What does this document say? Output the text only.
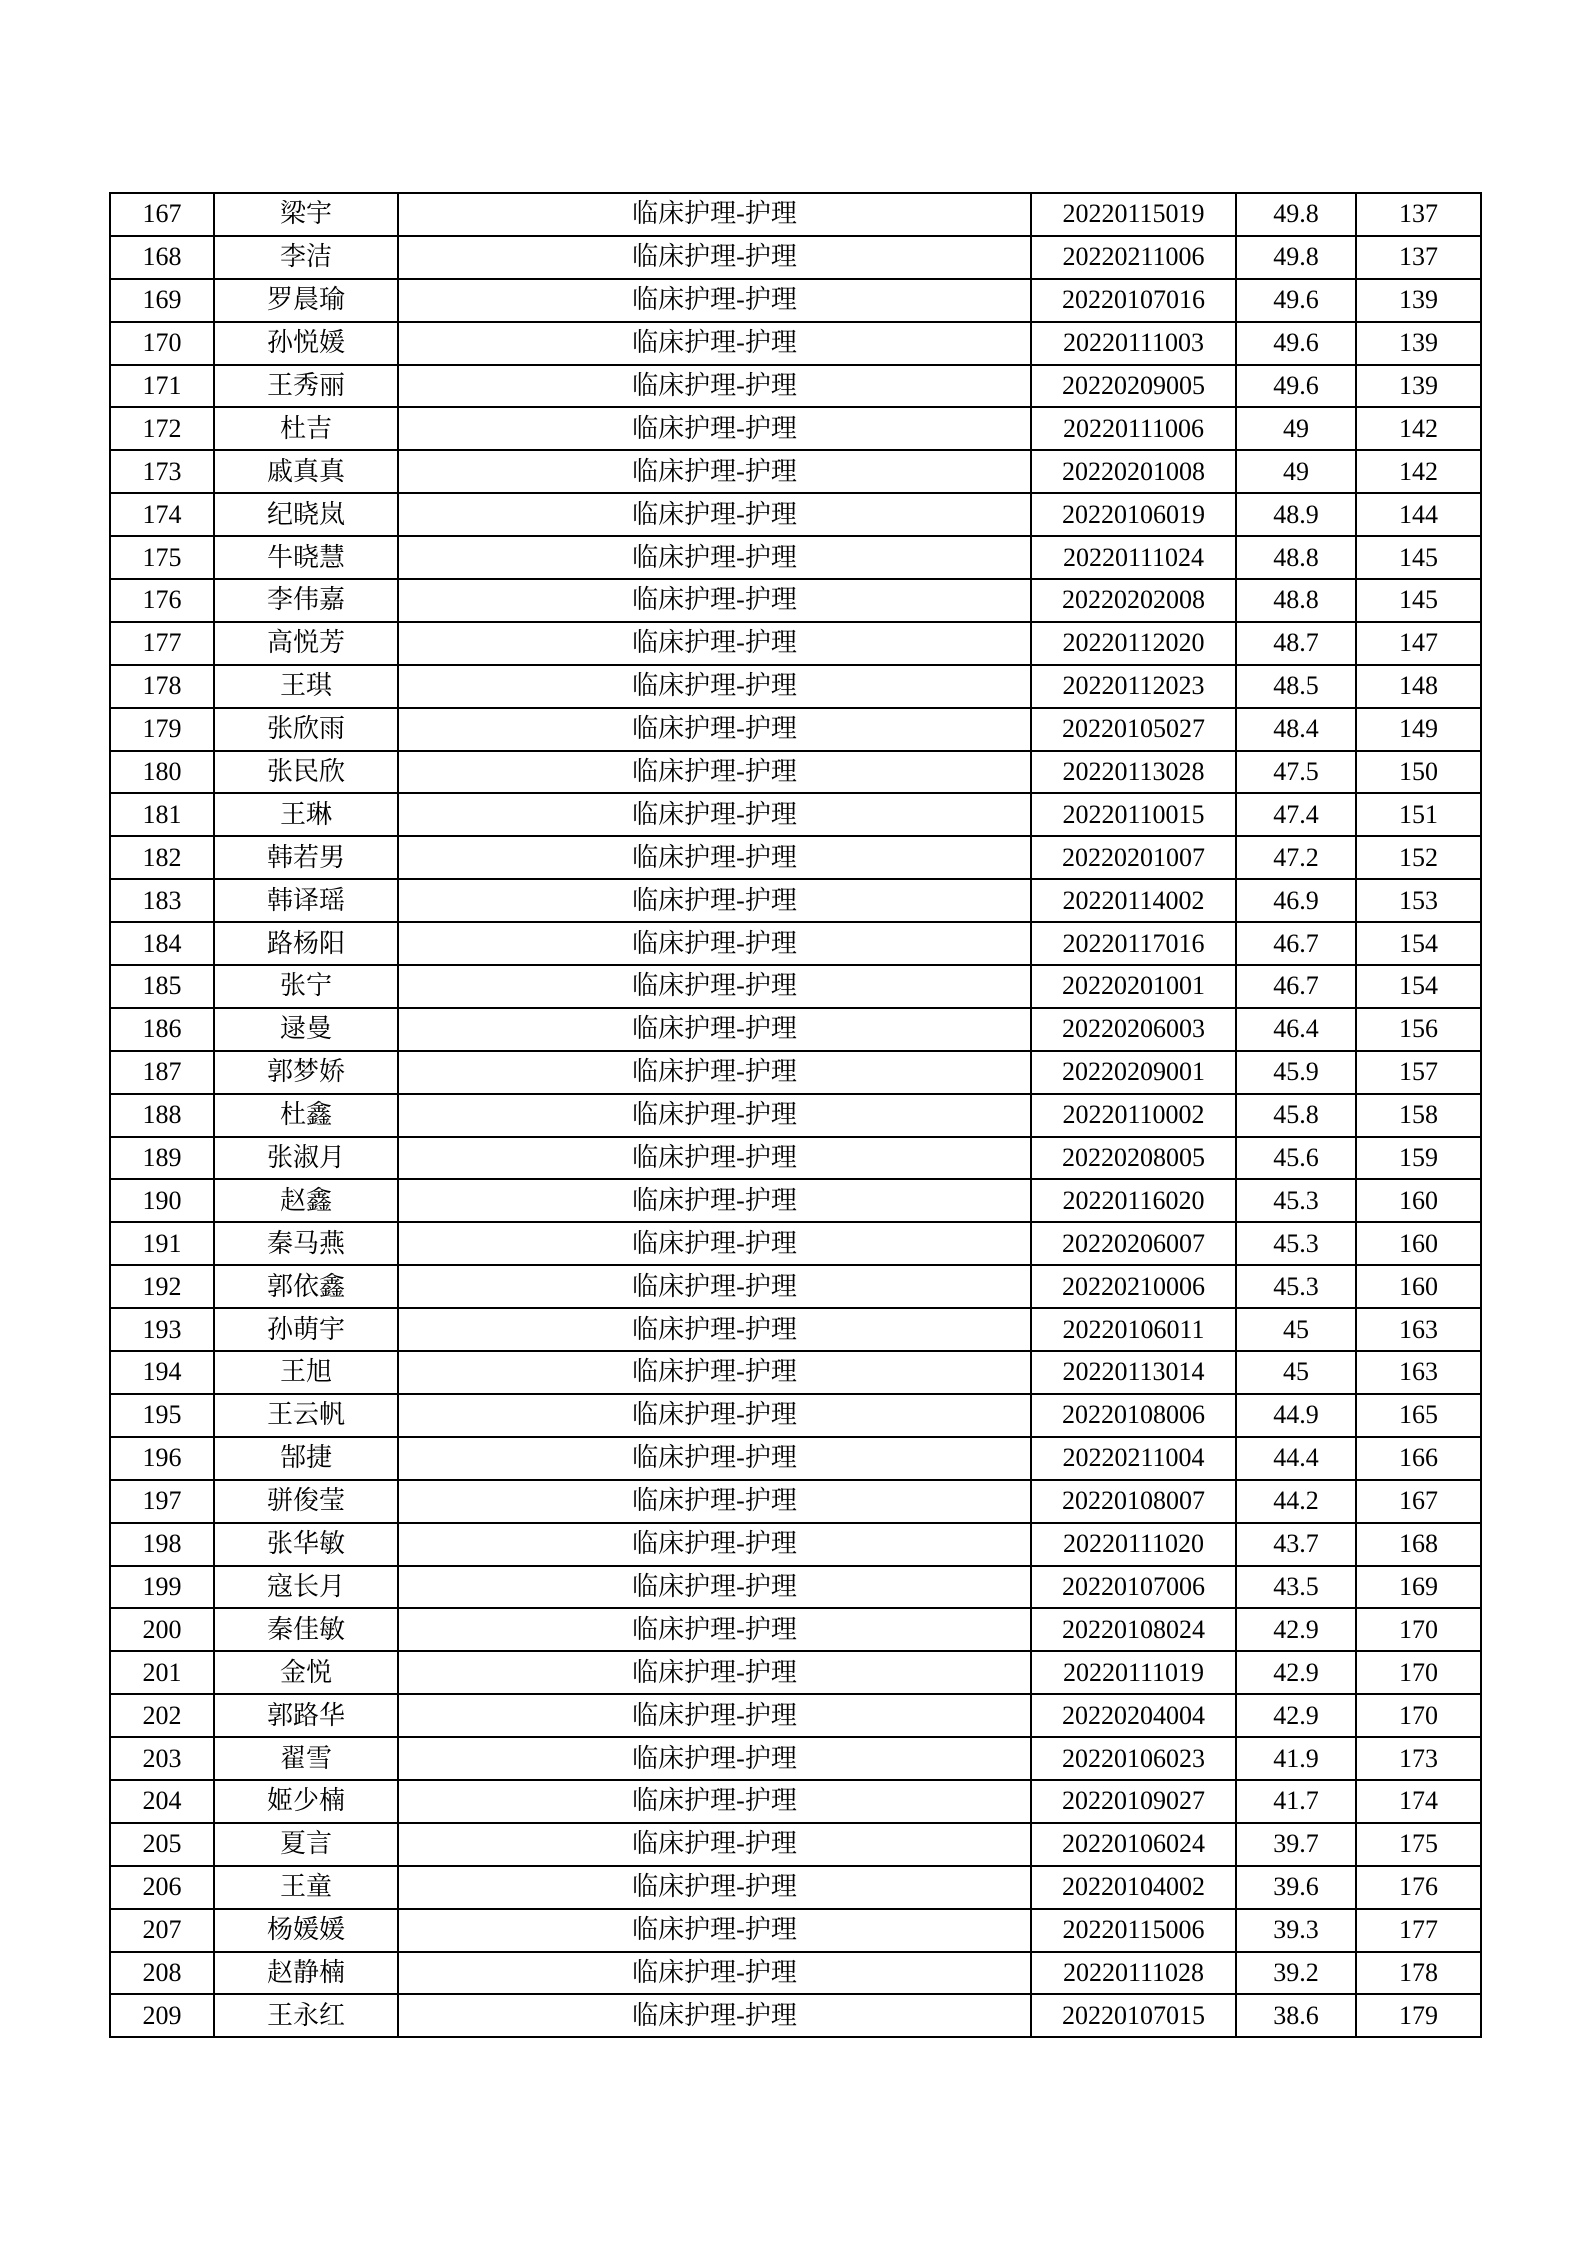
167	梁宇	临床护理-护理	20220115019	49.8	137
168	李洁	临床护理-护理	20220211006	49.8	137
169	罗晨瑜	临床护理-护理	20220107016	49.6	139
170	孙悦媛	临床护理-护理	20220111003	49.6	139
171	王秀丽	临床护理-护理	20220209005	49.6	139
172	杜吉	临床护理-护理	20220111006	49	142
173	戚真真	临床护理-护理	20220201008	49	142
174	纪晓岚	临床护理-护理	20220106019	48.9	144
175	牛晓慧	临床护理-护理	20220111024	48.8	145
176	李伟嘉	临床护理-护理	20220202008	48.8	145
177	高悦芳	临床护理-护理	20220112020	48.7	147
178	王琪	临床护理-护理	20220112023	48.5	148
179	张欣雨	临床护理-护理	20220105027	48.4	149
180	张民欣	临床护理-护理	20220113028	47.5	150
181	王琳	临床护理-护理	20220110015	47.4	151
182	韩若男	临床护理-护理	20220201007	47.2	152
183	韩译瑶	临床护理-护理	20220114002	46.9	153
184	路杨阳	临床护理-护理	20220117016	46.7	154
185	张宁	临床护理-护理	20220201001	46.7	154
186	逯曼	临床护理-护理	20220206003	46.4	156
187	郭梦娇	临床护理-护理	20220209001	45.9	157
188	杜鑫	临床护理-护理	20220110002	45.8	158
189	张淑月	临床护理-护理	20220208005	45.6	159
190	赵鑫	临床护理-护理	20220116020	45.3	160
191	秦马燕	临床护理-护理	20220206007	45.3	160
192	郭依鑫	临床护理-护理	20220210006	45.3	160
193	孙萌宇	临床护理-护理	20220106011	45	163
194	王旭	临床护理-护理	20220113014	45	163
195	王云帆	临床护理-护理	20220108006	44.9	165
196	郜捷	临床护理-护理	20220211004	44.4	166
197	骈俊莹	临床护理-护理	20220108007	44.2	167
198	张华敏	临床护理-护理	20220111020	43.7	168
199	寇长月	临床护理-护理	20220107006	43.5	169
200	秦佳敏	临床护理-护理	20220108024	42.9	170
201	金悦	临床护理-护理	20220111019	42.9	170
202	郭路华	临床护理-护理	20220204004	42.9	170
203	翟雪	临床护理-护理	20220106023	41.9	173
204	姬少楠	临床护理-护理	20220109027	41.7	174
205	夏言	临床护理-护理	20220106024	39.7	175
206	王童	临床护理-护理	20220104002	39.6	176
207	杨媛媛	临床护理-护理	20220115006	39.3	177
208	赵静楠	临床护理-护理	20220111028	39.2	178
209	王永红	临床护理-护理	20220107015	38.6	179
